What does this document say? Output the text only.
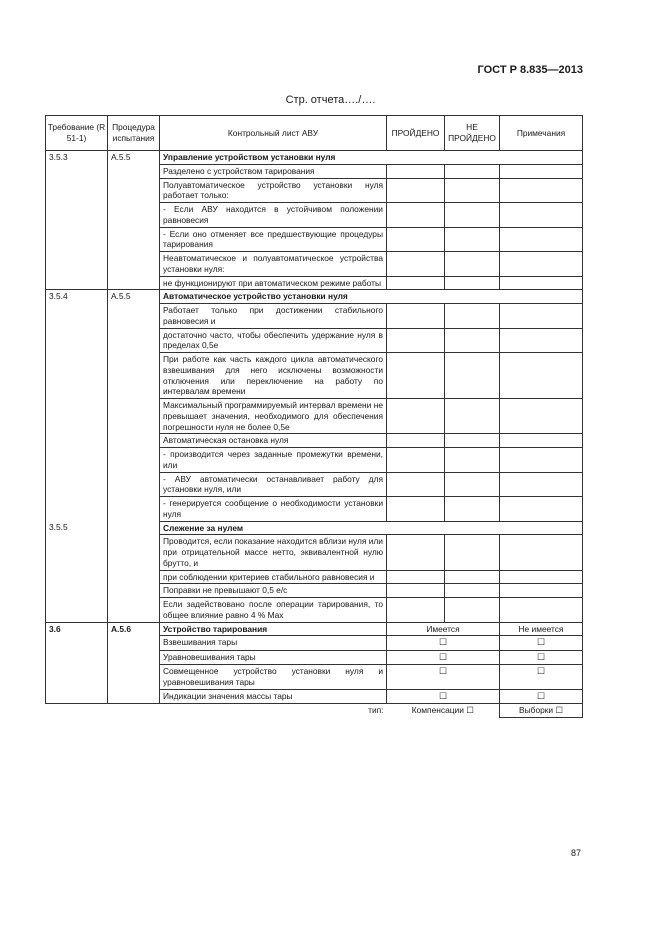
ГОСТ Р 8.835—2013
Стр. отчета…./….
Требование (R 51-1)	Процедура испытания	Контрольный лист АВУ	ПРОЙДЕНО	НЕ ПРОЙДЕНО	Примечания
3.5.3	А.5.5	Управление устройством установки нуля			
		Разделено с устройством тарирования			
		Полуавтоматическое устройство установки нуля работает только:			
		- Если АВУ находится в устойчивом положении равновесия			
		- Если оно отменяет все предшествующие процедуры тарирования			
		Неавтоматическое и полуавтоматическое устройства установки нуля:			
		не функционируют при автоматическом режиме работы			
3.5.4	А.5.5	Автоматическое устройство установки нуля			
		Работает только при достижении стабильного равновесия и			
		достаточно часто, чтобы обеспечить удержание нуля в пределах 0,5e			
		При работе как часть каждого цикла автоматического взвешивания для него исключены возможности отключения или переключение на работу по интервалам времени			
		Максимальный программируемый интервал времени не превышает значения, необходимого для обеспечения погрешности нуля не более 0,5e			
		Автоматическая остановка нуля			
		- производится через заданные промежутки времени, или			
		- АВУ автоматически останавливает работу для установки нуля, или			
		- генерируется сообщение о необходимости установки нуля			
3.5.5		Слежение за нулем			
		Проводится, если показание находится вблизи нуля или при отрицательной массе нетто, эквивалентной нулю брутто, и			
		при соблюдении критериев стабильного равновесия и			
		Поправки не превышают 0,5 e/c			
		Если задействовано после операции тарирования, то общее влияние равно 4 % Max			
3.6	А.5.6	Устройство тарирования	Имеется		Не имеется
		Взвешивания тары	☐		☐
		Уравновешивания тары	☐		☐
		Совмещенное устройство установки нуля и уравновешивания тары	☐		☐
		Индикации значения массы тары	☐		☐
		тип:	Компенсации ☐		Выборки ☐
87
